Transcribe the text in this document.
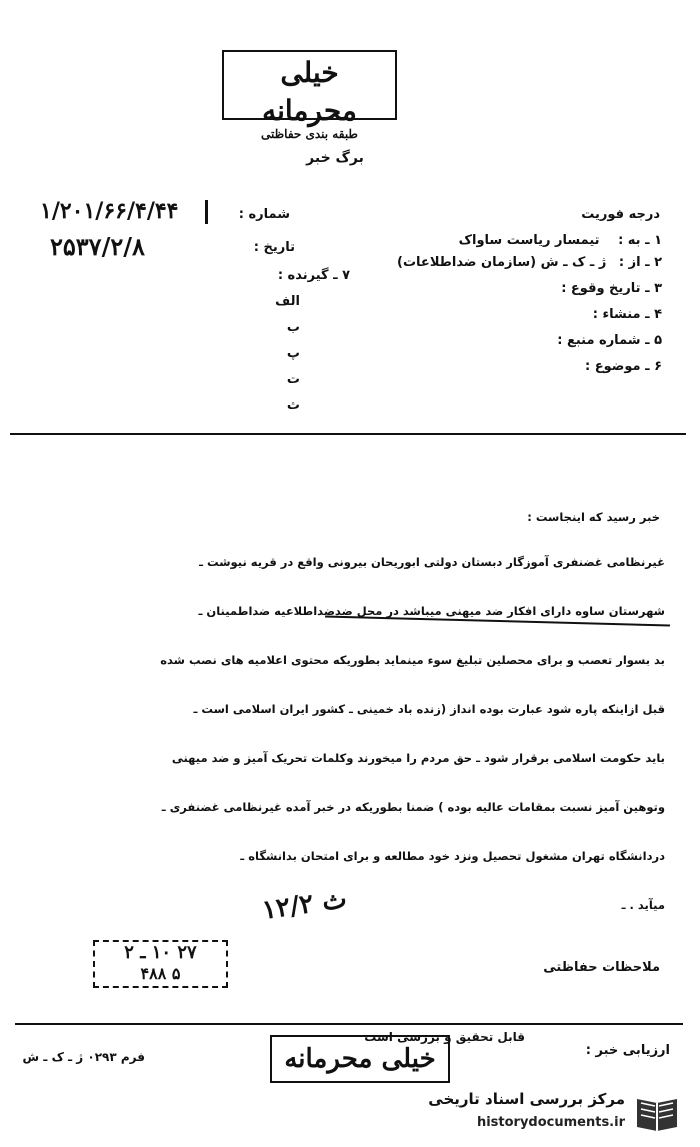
خیلی محرمانه
طبقه بندی حفاظتی
برگ خبر
شماره :
۱/۲۰۱/۶۶/۴/۴۴
تاریخ :
۲۵۳۷/۲/۸
درجه فوریت
۱ ـ به : تیمسار ریاست ساواک
۲ ـ از : ژ ـ ک ـ ش (سازمان ضداطلاعات)
۳ ـ تاریخ وقوع :
۴ ـ منشاء :
۵ ـ شماره منبع :
۶ ـ موضوع :
۷ ـ گیرنده :
الف
ب
پ
ت
ث
خبر رسید که اینجاست :
غیرنظامی غضنفری آموزگار دبستان دولتی ابوریحان بیرونی واقع در قریه نیوشت ـ
شهرستان ساوه دارای افکار ضد میهنی میباشد در محل ضدضداطلاعیه ضداطمینان ـ
بد بسوار تعصب و برای محصلین تبلیغ سوء مینماید بطوریکه محتوی اعلامیه های نصب شده
قبل ازاینکه پاره شود عبارت بوده انداز (زنده باد خمینی ـ کشور ایران اسلامی است ـ
باید حکومت اسلامی برقرار شود ـ حق مردم را میخورند وکلمات تحریک آمیز و ضد میهنی
وتوهین آمیز نسبت بمقامات عالیه بوده ) ضمنا بطوریکه در خبر آمده غیرنظامی غضنفری ـ
دردانشگاه تهران مشغول تحصیل ونزد خود مطالعه و برای امتحان بدانشگاه ـ
میآید . ـ
ث ۱۲/۲
۲۷ ۱۰ ـ ۲
۵ ۴۸۸	ملاحظات حفاظتی
ارزیابی خبر :
قابل تحقیق و بررسی است
خیلی محرمانه
فرم ۰۲۹۳ ژ ـ ک ـ ش
مرکز بررسی اسناد تاریخی
historydocuments.ir
